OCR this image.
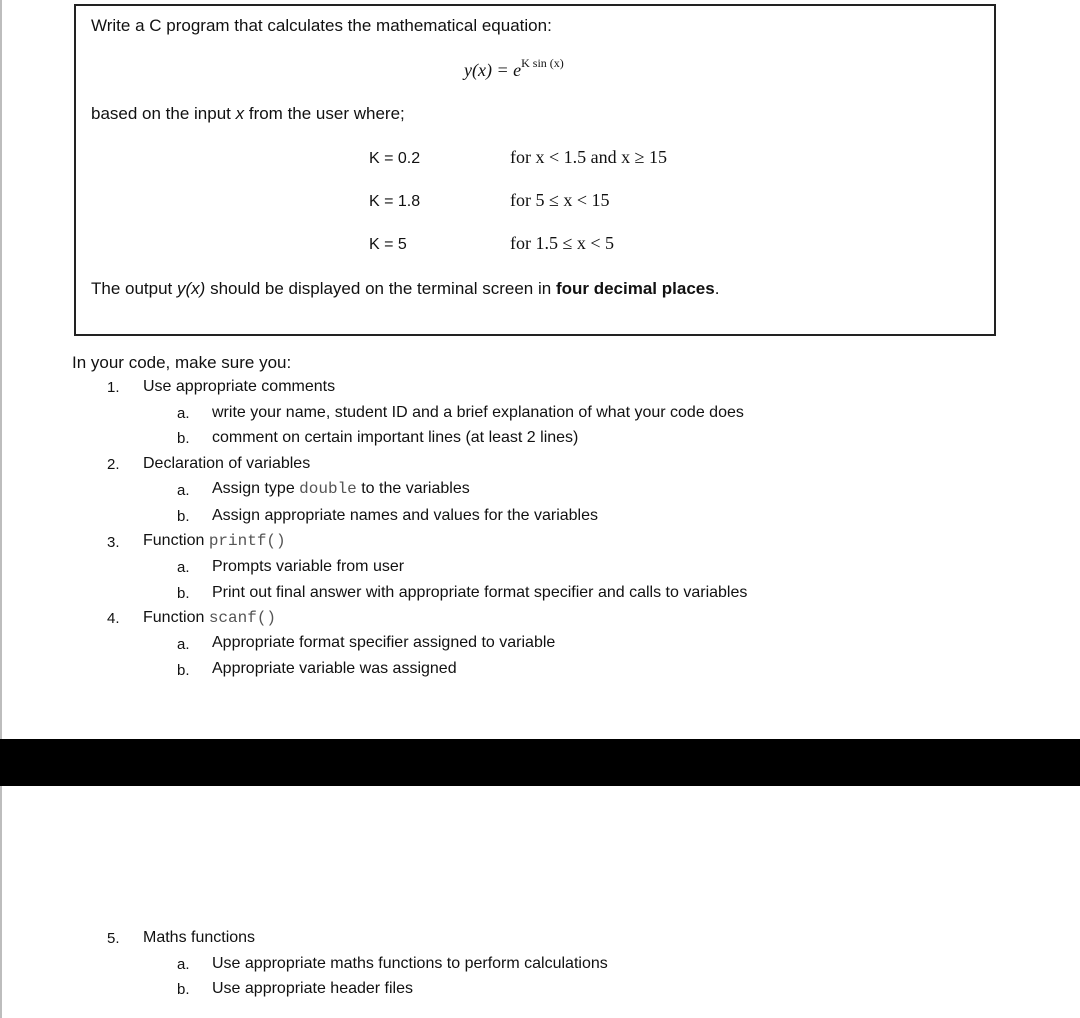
Write a C program that calculates the mathematical equation:
$y(x) = e^{K sin (x)}$
based on the input x from the user where;
K = 0.2	for x < 1.5 and x ≥ 15
K = 1.8	for 5 ≤ x < 15
K = 5	for 1.5 ≤ x < 5
The output y(x) should be displayed on the terminal screen in four decimal places.
In your code, make sure you:
1. Use appropriate comments
a. write your name, student ID and a brief explanation of what your code does
b. comment on certain important lines (at least 2 lines)
2. Declaration of variables
a. Assign type double to the variables
b. Assign appropriate names and values for the variables
3. Function printf()
a. Prompts variable from user
b. Print out final answer with appropriate format specifier and calls to variables
4. Function scanf()
a. Appropriate format specifier assigned to variable
b. Appropriate variable was assigned
5. Maths functions
a. Use appropriate maths functions to perform calculations
b. Use appropriate header files
